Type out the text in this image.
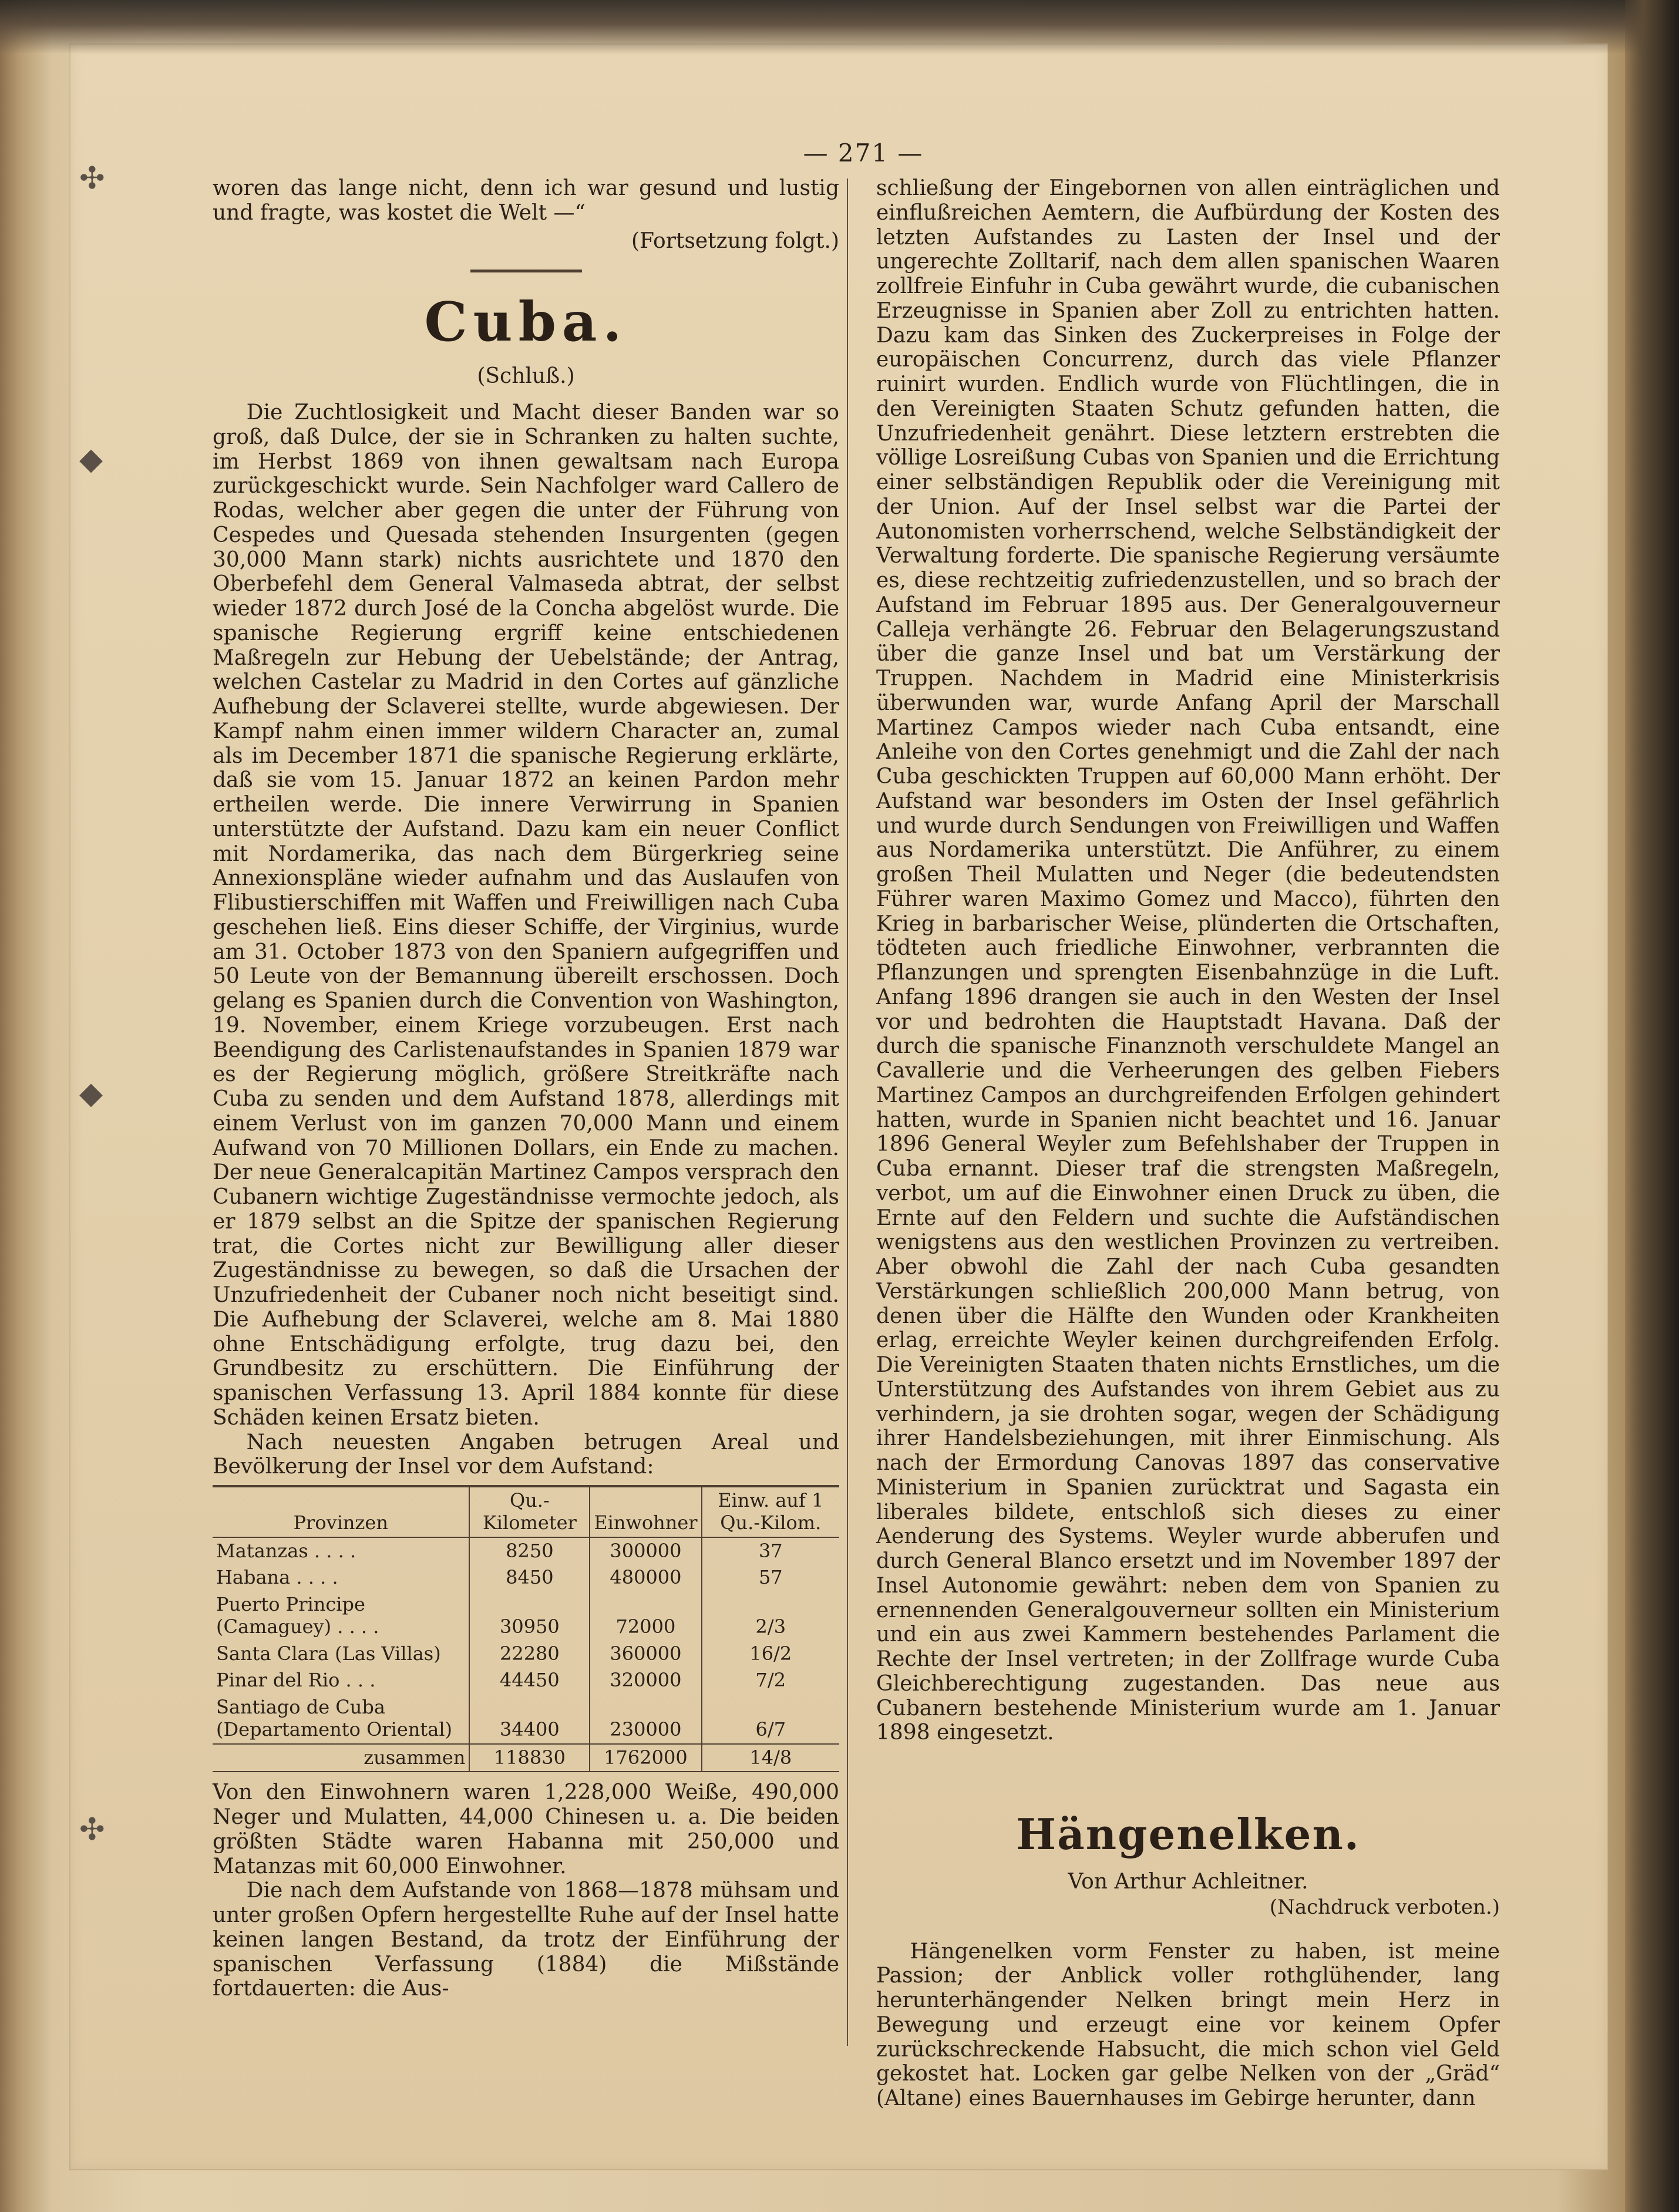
✣
◆
◆
✣
— 271 —

woren das lange nicht, denn ich war gesund und lustig und fragte, was kostet die Welt —“

(Fortsetzung folgt.)

Cuba.

(Schluß.)

Die Zuchtlosigkeit und Macht dieser Banden war so groß, daß Dulce, der sie in Schranken zu halten suchte, im Herbst 1869 von ihnen gewaltsam nach Europa zurückgeschickt wurde. Sein Nachfolger ward Callero de Rodas, welcher aber gegen die unter der Führung von Cespedes und Quesada stehenden Insurgenten (gegen 30,000 Mann stark) nichts ausrichtete und 1870 den Oberbefehl dem General Valmaseda abtrat, der selbst wieder 1872 durch José de la Concha abgelöst wurde. Die spanische Regierung ergriff keine entschiedenen Maßregeln zur Hebung der Uebelstände; der Antrag, welchen Castelar zu Madrid in den Cortes auf gänzliche Aufhebung der Sclaverei stellte, wurde abgewiesen. Der Kampf nahm einen immer wildern Character an, zumal als im December 1871 die spanische Regierung erklärte, daß sie vom 15. Januar 1872 an keinen Pardon mehr ertheilen werde. Die innere Verwirrung in Spanien unterstützte der Aufstand. Dazu kam ein neuer Conflict mit Nordamerika, das nach dem Bürgerkrieg seine Annexionspläne wieder aufnahm und das Auslaufen von Flibustierschiffen mit Waffen und Freiwilligen nach Cuba geschehen ließ. Eins dieser Schiffe, der Virginius, wurde am 31. October 1873 von den Spaniern aufgegriffen und 50 Leute von der Bemannung übereilt erschossen. Doch gelang es Spanien durch die Convention von Washington, 19. November, einem Kriege vorzubeugen. Erst nach Beendigung des Carlistenaufstandes in Spanien 1879 war es der Regierung möglich, größere Streitkräfte nach Cuba zu senden und dem Aufstand 1878, allerdings mit einem Verlust von im ganzen 70,000 Mann und einem Aufwand von 70 Millionen Dollars, ein Ende zu machen. Der neue Generalcapitän Martinez Campos versprach den Cubanern wichtige Zugeständnisse vermochte jedoch, als er 1879 selbst an die Spitze der spanischen Regierung trat, die Cortes nicht zur Bewilligung aller dieser Zugeständnisse zu bewegen, so daß die Ursachen der Unzufriedenheit der Cubaner noch nicht beseitigt sind. Die Aufhebung der Sclaverei, welche am 8. Mai 1880 ohne Entschädigung erfolgte, trug dazu bei, den Grundbesitz zu erschüttern. Die Einführung der spanischen Verfassung 13. April 1884 konnte für diese Schäden keinen Ersatz bieten.

Nach neuesten Angaben betrugen Areal und Bevölkerung der Insel vor dem Aufstand:

Provinzen	Qu.-Kilometer	Einwohner	Einw. auf 1 Qu.-Kilom.
Matanzas . . . .	8250	300000	37
Habana . . . .	8450	480000	57
Puerto Principe (Camaguey) . . . .	30950	72000	2/3
Santa Clara (Las Villas)	22280	360000	16/2
Pinar del Rio . . .	44450	320000	7/2
Santiago de Cuba (Departamento Oriental)	34400	230000	6/7
zusammen	118830	1762000	14/8

Von den Einwohnern waren 1,228,000 Weiße, 490,000 Neger und Mulatten, 44,000 Chinesen u. a. Die beiden größten Städte waren Habanna mit 250,000 und Matanzas mit 60,000 Einwohner.

Die nach dem Aufstande von 1868—1878 mühsam und unter großen Opfern hergestellte Ruhe auf der Insel hatte keinen langen Bestand, da trotz der Einführung der spanischen Verfassung (1884) die Mißstände fortdauerten: die Aus-

schließung der Eingebornen von allen einträglichen und einflußreichen Aemtern, die Aufbürdung der Kosten des letzten Aufstandes zu Lasten der Insel und der ungerechte Zolltarif, nach dem allen spanischen Waaren zollfreie Einfuhr in Cuba gewährt wurde, die cubanischen Erzeugnisse in Spanien aber Zoll zu entrichten hatten. Dazu kam das Sinken des Zuckerpreises in Folge der europäischen Concurrenz, durch das viele Pflanzer ruinirt wurden. Endlich wurde von Flüchtlingen, die in den Vereinigten Staaten Schutz gefunden hatten, die Unzufriedenheit genährt. Diese letztern erstrebten die völlige Losreißung Cubas von Spanien und die Errichtung einer selbständigen Republik oder die Vereinigung mit der Union. Auf der Insel selbst war die Partei der Autonomisten vorherrschend, welche Selbständigkeit der Verwaltung forderte. Die spanische Regierung versäumte es, diese rechtzeitig zufriedenzustellen, und so brach der Aufstand im Februar 1895 aus. Der Generalgouverneur Calleja verhängte 26. Februar den Belagerungszustand über die ganze Insel und bat um Verstärkung der Truppen. Nachdem in Madrid eine Ministerkrisis überwunden war, wurde Anfang April der Marschall Martinez Campos wieder nach Cuba entsandt, eine Anleihe von den Cortes genehmigt und die Zahl der nach Cuba geschickten Truppen auf 60,000 Mann erhöht. Der Aufstand war besonders im Osten der Insel gefährlich und wurde durch Sendungen von Freiwilligen und Waffen aus Nordamerika unterstützt. Die Anführer, zu einem großen Theil Mulatten und Neger (die bedeutendsten Führer waren Maximo Gomez und Macco), führten den Krieg in barbarischer Weise, plünderten die Ortschaften, tödteten auch friedliche Einwohner, verbrannten die Pflanzungen und sprengten Eisenbahnzüge in die Luft. Anfang 1896 drangen sie auch in den Westen der Insel vor und bedrohten die Hauptstadt Havana. Daß der durch die spanische Finanznoth verschuldete Mangel an Cavallerie und die Verheerungen des gelben Fiebers Martinez Campos an durchgreifenden Erfolgen gehindert hatten, wurde in Spanien nicht beachtet und 16. Januar 1896 General Weyler zum Befehlshaber der Truppen in Cuba ernannt. Dieser traf die strengsten Maßregeln, verbot, um auf die Einwohner einen Druck zu üben, die Ernte auf den Feldern und suchte die Aufständischen wenigstens aus den westlichen Provinzen zu vertreiben. Aber obwohl die Zahl der nach Cuba gesandten Verstärkungen schließlich 200,000 Mann betrug, von denen über die Hälfte den Wunden oder Krankheiten erlag, erreichte Weyler keinen durchgreifenden Erfolg. Die Vereinigten Staaten thaten nichts Ernstliches, um die Unterstützung des Aufstandes von ihrem Gebiet aus zu verhindern, ja sie drohten sogar, wegen der Schädigung ihrer Handelsbeziehungen, mit ihrer Einmischung. Als nach der Ermordung Canovas 1897 das conservative Ministerium in Spanien zurücktrat und Sagasta ein liberales bildete, entschloß sich dieses zu einer Aenderung des Systems. Weyler wurde abberufen und durch General Blanco ersetzt und im November 1897 der Insel Autonomie gewährt: neben dem von Spanien zu ernennenden Generalgouverneur sollten ein Ministerium und ein aus zwei Kammern bestehendes Parlament die Rechte der Insel vertreten; in der Zollfrage wurde Cuba Gleichberechtigung zugestanden. Das neue aus Cubanern bestehende Ministerium wurde am 1. Januar 1898 eingesetzt.

Hängenelken.

Von Arthur Achleitner.

(Nachdruck verboten.)

Hängenelken vorm Fenster zu haben, ist meine Passion; der Anblick voller rothglühender, lang herunterhängender Nelken bringt mein Herz in Bewegung und erzeugt eine vor keinem Opfer zurückschreckende Habsucht, die mich schon viel Geld gekostet hat. Locken gar gelbe Nelken von der „Gräd“ (Altane) eines Bauernhauses im Gebirge herunter, dann
